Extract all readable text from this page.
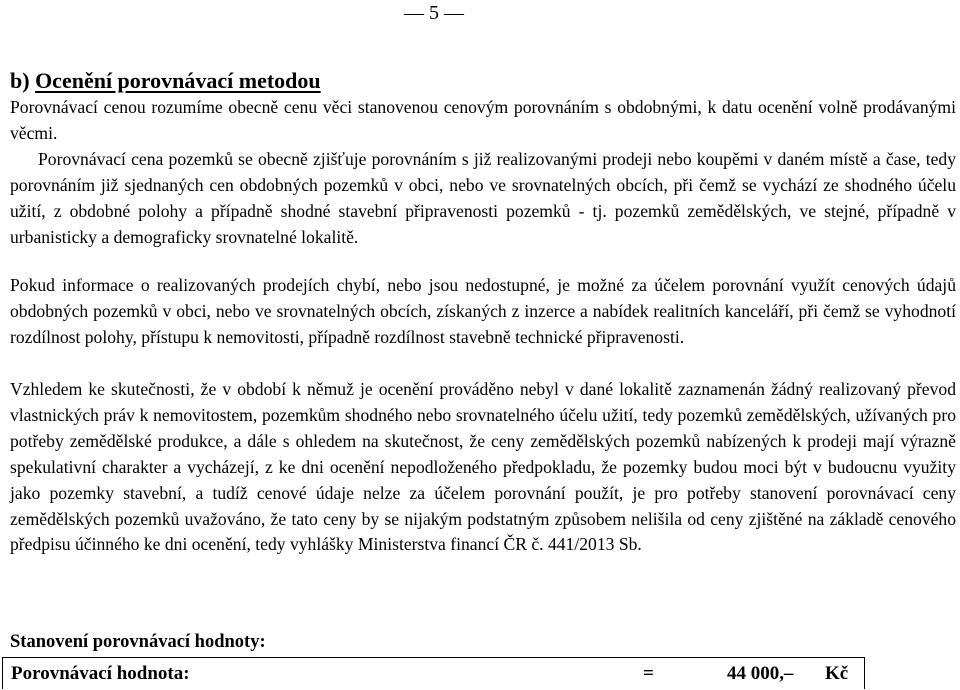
— 5 —
b) Ocenění porovnávací metodou

Porovnávací cenou rozumíme obecně cenu věci stanovenou cenovým porovnáním s obdobnými, k datu ocenění volně prodávanými věcmi.

Porovnávací cena pozemků se obecně zjišťuje porovnáním s již realizovanými prodeji nebo koupěmi v daném místě a čase, tedy porovnáním již sjednaných cen obdobných pozemků v obci, nebo ve srovnatelných obcích, při čemž se vychází ze shodného účelu užití, z obdobné polohy a případně shodné stavební připravenosti pozemků - tj. pozemků zemědělských, ve stejné, případně v urbanisticky a demograficky srovnatelné lokalitě.

Pokud informace o realizovaných prodejích chybí, nebo jsou nedostupné, je možné za účelem porovnání využít cenových údajů obdobných pozemků v obci, nebo ve srovnatelných obcích, získaných z inzerce a nabídek realitních kanceláří, při čemž se vyhodnotí rozdílnost polohy, přístupu k nemovitosti, případně rozdílnost stavebně technické připravenosti.

Vzhledem ke skutečnosti, že v období k němuž je ocenění prováděno nebyl v dané lokalitě zaznamenán žádný realizovaný převod vlastnických práv k nemovitostem, pozemkům shodného nebo srovnatelného účelu užití, tedy pozemků zemědělských, užívaných pro potřeby zemědělské produkce, a dále s ohledem na skutečnost, že ceny zemědělských pozemků nabízených k prodeji mají výrazně spekulativní charakter a vycházejí, z ke dni ocenění nepodloženého předpokladu, že pozemky budou moci být v budoucnu využity jako pozemky stavební, a tudíž cenové údaje nelze za účelem porovnání použít, je pro potřeby stanovení porovnávací ceny zemědělských pozemků uvažováno, že tato ceny by se nijakým podstatným způsobem nelišila od ceny zjištěné na základě cenového předpisu účinného ke dni ocenění, tedy vyhlášky Ministerstva financí ČR č. 441/2013 Sb.

Stanovení porovnávací hodnoty:
Porovnávací hodnota:	=	44 000,– Kč
